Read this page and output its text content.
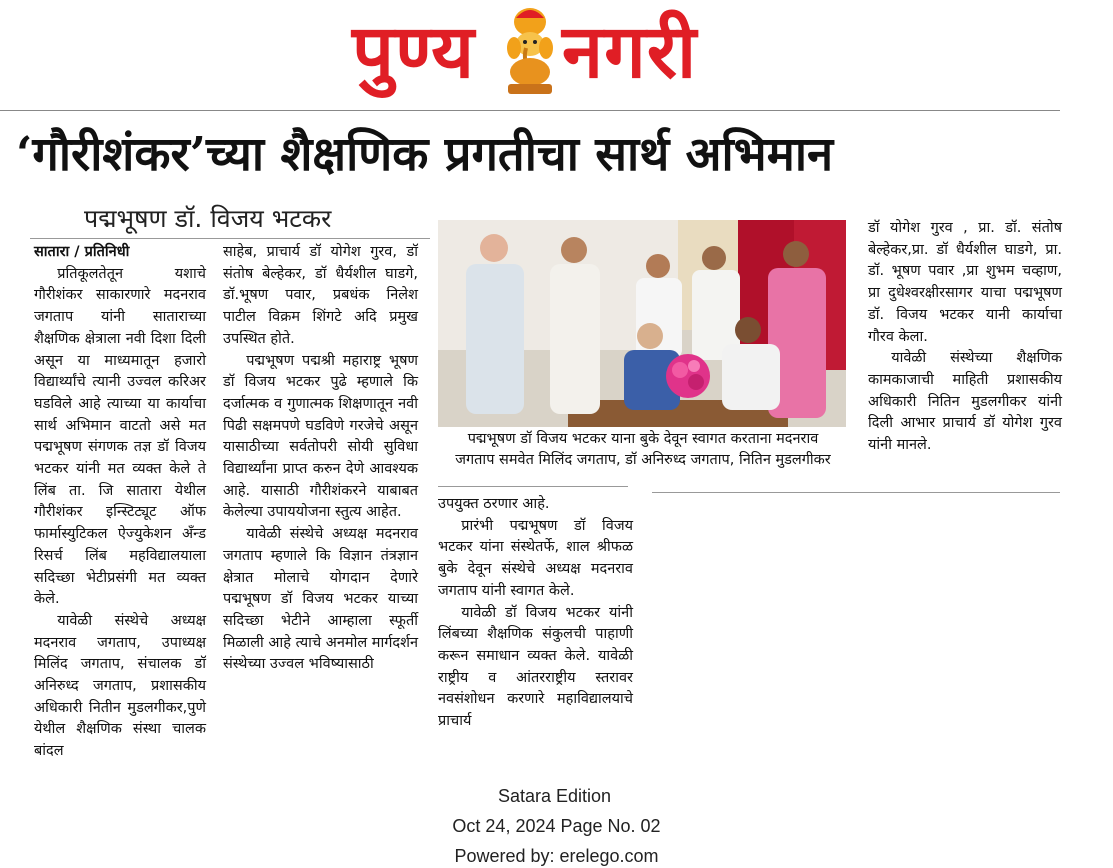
पुण्य नगरी
‘गौरीशंकर’च्या शैक्षणिक प्रगतीचा सार्थ अभिमान
पद्मभूषण डॉ. विजय भटकर

सातारा / प्रतिनिधी

प्रतिकूलतेतून यशाचे गौरीशंकर साकारणारे मदनराव जगताप यांनी साताराच्या शैक्षणिक क्षेत्राला नवी दिशा दिली असून या माध्यमातून हजारो विद्यार्थ्यांचे त्यानी उज्वल करिअर घडविले आहे त्याच्या या कार्याचा सार्थ अभिमान वाटतो असे मत पद्मभूषण संगणक तज्ञ डॉ विजय भटकर यांनी मत व्यक्त केले ते लिंब ता. जि सातारा येथील गौरीशंकर इन्स्टिट्यूट ऑफ फार्मास्युटिकल ऐज्युकेशन अँन्ड रिसर्च लिंब महविद्यालयाला सदिच्छा भेटीप्रसंगी मत व्यक्त केले.

यावेळी संस्थेचे अध्यक्ष मदनराव जगताप, उपाध्यक्ष मिलिंद जगताप, संचालक डॉ अनिरुध्द जगताप, प्रशासकीय अधिकारी नितीन मुडलगीकर,पुणे येथील शैक्षणिक संस्था चालक बांदल

साहेब, प्राचार्य डॉ योगेश गुरव, डॉ संतोष बेल्हेकर, डॉ धैर्यशील घाडगे, डॉ.भूषण पवार, प्रबधंक निलेश पाटील विक्रम शिंगटे अदि प्रमुख उपस्थित होते.

पद्मभूषण पद्मश्री महाराष्ट्र भूषण डॉ विजय भटकर पुढे म्हणाले कि दर्जात्मक व गुणात्मक शिक्षणातून नवी पिढी सक्षमपणे घडविणे गरजेचे असून यासाठीच्या सर्वतोपरी सोयी सुविधा विद्यार्थ्यांना प्राप्त करुन देणे आवश्यक आहे. यासाठी गौरीशंकरने याबाबत केलेल्या उपाययोजना स्तुत्य आहेत.

यावेळी संस्थेचे अध्यक्ष मदनराव जगताप म्हणाले कि विज्ञान तंत्रज्ञान क्षेत्रात मोलाचे योगदान देणारे पद्मभूषण डॉ विजय भटकर याच्या सदिच्छा भेटीने आम्हाला स्फूर्ती मिळाली आहे त्याचे अनमोल मार्गदर्शन संस्थेच्या उज्वल भविष्यासाठी

पद्मभूषण डॉ विजय भटकर याना बुके देवून स्वागत करताना मदनराव
जगताप समवेत मिलिंद जगताप, डॉ अनिरुध्द जगताप, नितिन मुडलगीकर

उपयुक्त ठरणार आहे.

प्रारंभी पद्मभूषण डॉ विजय भटकर यांना संस्थेतर्फे, शाल श्रीफळ बुके देवून संस्थेचे अध्यक्ष मदनराव जगताप यांनी स्वागत केले.

यावेळी डॉ विजय भटकर यांनी लिंबच्या शैक्षणिक संकुलची पाहाणी करून समाधान व्यक्त केले. यावेळी राष्ट्रीय व आंतरराष्ट्रीय स्तरावर नवसंशोधन करणारे महाविद्यालयाचे प्राचार्य

डॉ योगेश गुरव , प्रा. डॉ. संतोष बेल्हेकर,प्रा. डॉ धैर्यशील घाडगे, प्रा. डॉ. भूषण पवार ,प्रा शुभम चव्हाण, प्रा दुधेश्वरक्षीरसागर याचा पद्मभूषण डॉ. विजय भटकर यानी कार्याचा गौरव केला.

यावेळी संस्थेच्या शैक्षणिक कामकाजाची माहिती प्रशासकीय अधिकारी नितिन मुडलगीकर यांनी दिली आभार प्राचार्य डॉ योगेश गुरव यांनी मानले.

Satara Edition
Oct 24, 2024 Page No. 02
Powered by: erelego.com
